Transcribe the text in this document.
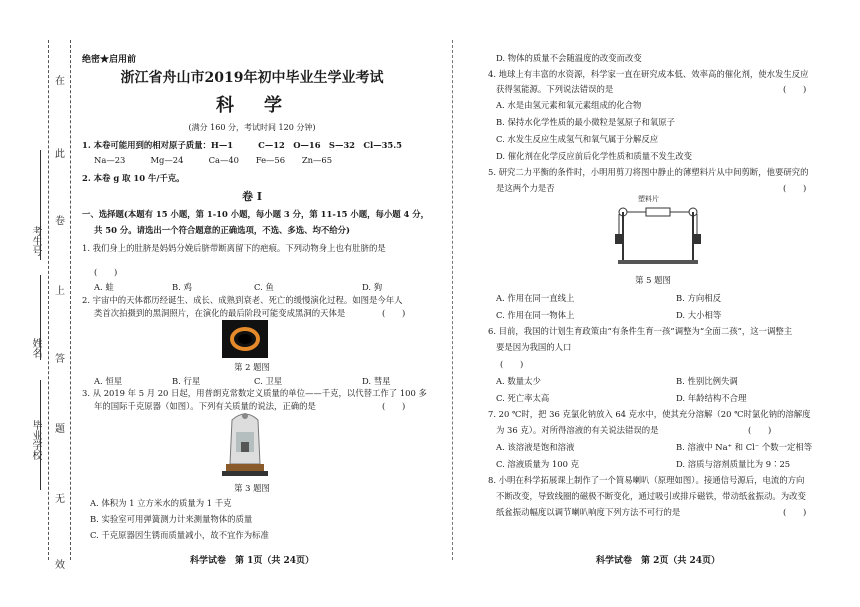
在
此
卷
上
答
题
无
效
考生号
姓名
毕业学校
绝密★启用前
浙江省舟山市2019年初中毕业生学业考试
科　学
(满分 160 分，考试时间 120 分钟)
1. 本卷可能用到的相对原子质量：H—1　　　C—12　O—16　S—32　Cl—35.5
Na—23　　　Mg—24　　　Ca—40　　Fe—56　　Zn—65
2. 本卷 g 取 10 牛/千克。
卷 I
一、选择题(本题有 15 小题，第 1-10 小题，每小题 3 分，第 11-15 小题，每小题 4 分，
共 50 分。请选出一个符合题意的正确选项，不选、多选、均不给分)
1. 我们身上的肚脐是妈妈分娩后脐带断离留下的疤痕。下列动物身上也有肚脐的是
(　　)
A. 蛙	B. 鸡	C. 鱼	D. 狗
2. 宇宙中的天体都历经诞生、成长、成熟到衰老、死亡的缓慢演化过程。如图是今年人
类首次拍摄到的黑洞照片，在演化的最后阶段可能变成黑洞的天体是	(　　)
第 2 题图
A. 恒星	B. 行星	C. 卫星	D. 彗星
3. 从 2019 年 5 月 20 日起，用普朗克常数定义质量的单位——千克，以代替工作了 100 多
年的国际千克原器（如图）。下列有关质量的说法，正确的是	(　　)
第 3 题图
A. 体积为 1 立方米水的质量为 1 千克
B. 实验室可用弹簧测力计来测量物体的质量
C. 千克原器因生锈而质量减小，故不宜作为标准
科学试卷　第 1页（共 24页）
D. 物体的质量不会随温度的改变而改变
4. 地球上有丰富的水资源，科学家一直在研究成本低、效率高的催化剂，使水发生反应
获得氢能源。下列说法错误的是	(　　)
A. 水是由氢元素和氧元素组成的化合物
B. 保持水化学性质的最小微粒是氢原子和氧原子
C. 水发生反应生成氢气和氧气属于分解反应
D. 催化剂在化学反应前后化学性质和质量不发生改变
5. 研究二力平衡的条件时，小明用剪刀将图中静止的薄塑料片从中间剪断，他要研究的
是这两个力是否	(　　)
塑料片
第 5 题图
A. 作用在同一直线上	B. 方向相反
C. 作用在同一物体上	D. 大小相等
6. 目前，我国的计划生育政策由“有条件生育一孩”调整为“全面二孩”，这一调整主
要是因为我国的人口
(　　)
A. 数量太少	B. 性别比例失调
C. 死亡率太高	D. 年龄结构不合理
7. 20 ℃时，把 36 克氯化钠放入 64 克水中，使其充分溶解（20 ℃时氯化钠的溶解度
为 36 克）。对所得溶液的有关说法错误的是	(　　)
A. 该溶液是饱和溶液	B. 溶液中 Na⁺ 和 Cl⁻ 个数一定相等
C. 溶液质量为 100 克	D. 溶质与溶剂质量比为 9∶25
8. 小明在科学拓展课上制作了一个简易喇叭（原理如图）。接通信号源后，电流的方向
不断改变，导致线圈的磁极不断变化，通过吸引或排斥磁铁，带动纸盆振动。为改变
纸盆振动幅度以调节喇叭响度下列方法不可行的是	(　　)
科学试卷　第 2页（共 24页）
